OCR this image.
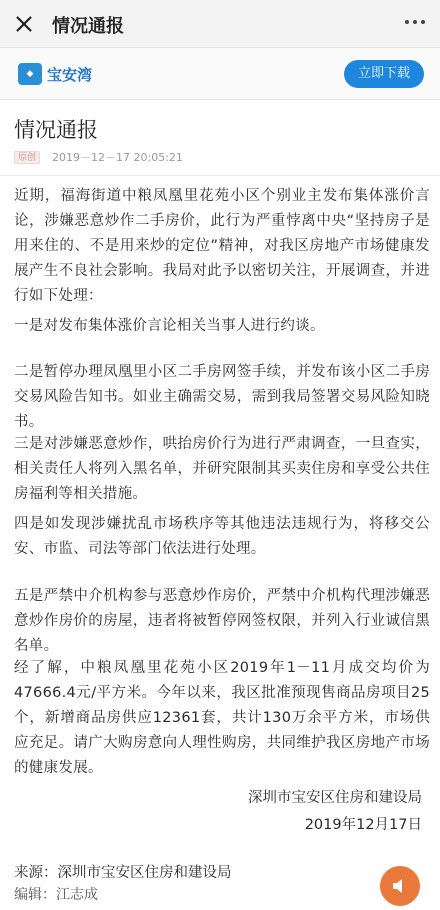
情况通报
◆ 宝安湾	立即下载
情况通报
原创	2019－12－17 20:05:21
近期，福海街道中粮凤凰里花苑小区个别业主发布集体涨价言论，涉嫌恶意炒作二手房价，此行为严重悖离中央“坚持房子是用来住的、不是用来炒的定位”精神，对我区房地产市场健康发展产生不良社会影响。我局对此予以密切关注，开展调查，并进行如下处理：
一是对发布集体涨价言论相关当事人进行约谈。
二是暂停办理凤凰里小区二手房网签手续，并发布该小区二手房交易风险告知书。如业主确需交易，需到我局签署交易风险知晓书。
三是对涉嫌恶意炒作，哄抬房价行为进行严肃调查，一旦查实，相关责任人将列入黑名单，并研究限制其买卖住房和享受公共住房福利等相关措施。
四是如发现涉嫌扰乱市场秩序等其他违法违规行为，将移交公安、市监、司法等部门依法进行处理。
五是严禁中介机构参与恶意炒作房价，严禁中介机构代理涉嫌恶意炒作房价的房屋，违者将被暂停网签权限，并列入行业诚信黑名单。
经了解，中粮凤凰里花苑小区2019年1－11月成交均价为47666.4元/平方米。今年以来，我区批准预现售商品房项目25个，新增商品房供应12361套，共计130万余平方米，市场供应充足。请广大购房意向人理性购房，共同维护我区房地产市场的健康发展。
深圳市宝安区住房和建设局
2019年12月17日
来源：深圳市宝安区住房和建设局
编辑：江志成
